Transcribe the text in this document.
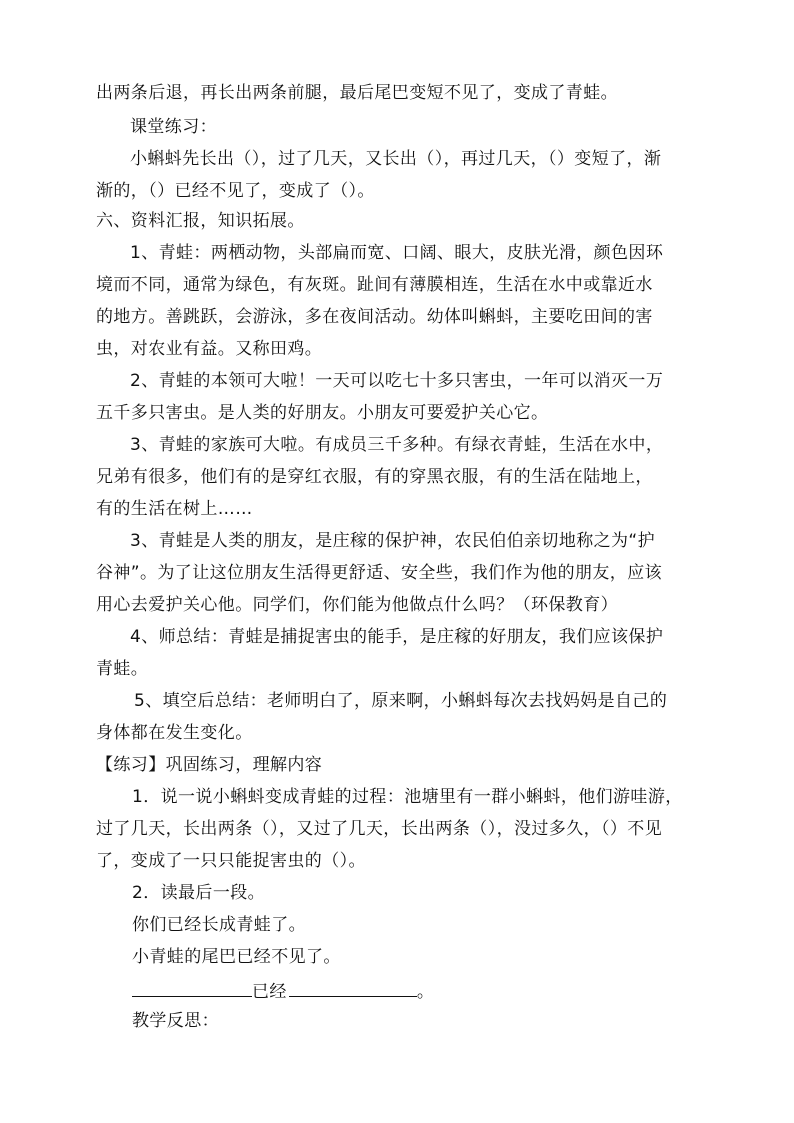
出两条后退，再长出两条前腿，最后尾巴变短不见了，变成了青蛙。
课堂练习：
小蝌蚪先长出（），过了几天，又长出（），再过几天，（）变短了，渐
渐的，（）已经不见了，变成了（）。
六、资料汇报，知识拓展。
1、青蛙：两栖动物，头部扁而宽、口阔、眼大，皮肤光滑，颜色因环
境而不同，通常为绿色，有灰斑。趾间有薄膜相连，生活在水中或靠近水
的地方。善跳跃，会游泳，多在夜间活动。幼体叫蝌蚪，主要吃田间的害
虫，对农业有益。又称田鸡。
2、青蛙的本领可大啦！一天可以吃七十多只害虫，一年可以消灭一万
五千多只害虫。是人类的好朋友。小朋友可要爱护关心它。
3、青蛙的家族可大啦。有成员三千多种。有绿衣青蛙，生活在水中，
兄弟有很多，他们有的是穿红衣服，有的穿黑衣服，有的生活在陆地上，
有的生活在树上……
3、青蛙是人类的朋友，是庄稼的保护神，农民伯伯亲切地称之为“护
谷神”。为了让这位朋友生活得更舒适、安全些，我们作为他的朋友，应该
用心去爱护关心他。同学们，你们能为他做点什么吗？（环保教育）
4、师总结：青蛙是捕捉害虫的能手，是庄稼的好朋友，我们应该保护
青蛙。
5、填空后总结：老师明白了，原来啊，小蝌蚪每次去找妈妈是自己的
身体都在发生变化。
【练习】巩固练习，理解内容
1．说一说小蝌蚪变成青蛙的过程：池塘里有一群小蝌蚪，他们游哇游，
过了几天，长出两条（），又过了几天，长出两条（），没过多久，（）不见
了，变成了一只只能捉害虫的（）。
2．读最后一段。
你们已经长成青蛙了。
小青蛙的尾巴已经不见了。
已经	。
教学反思：
